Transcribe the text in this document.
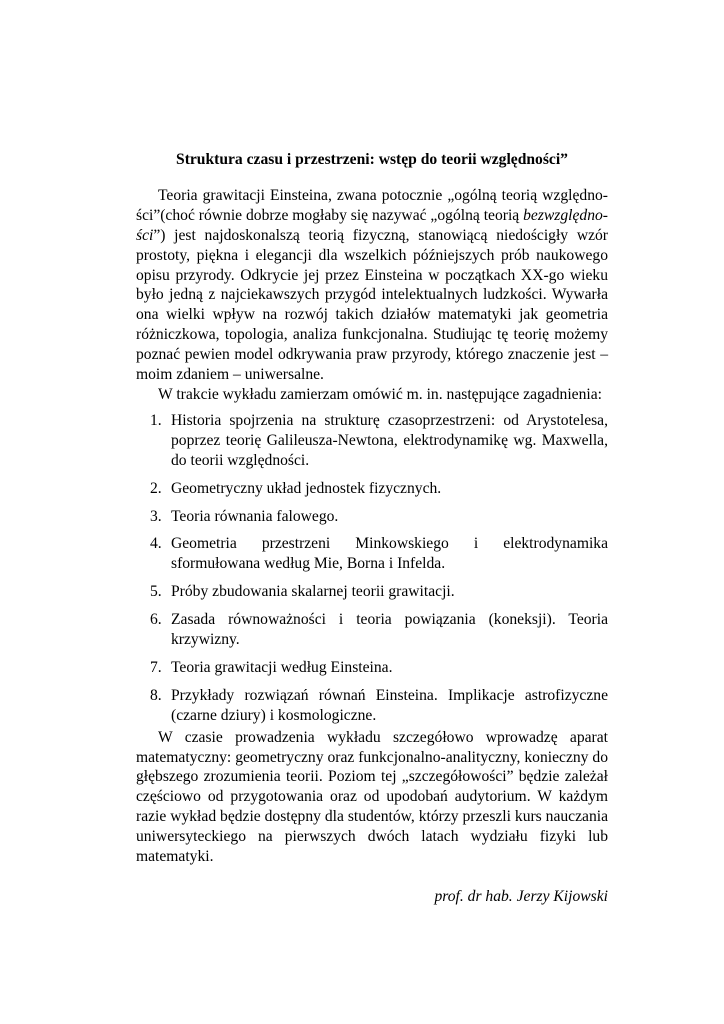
Struktura czasu i przestrzeni: wstęp do teorii względności”

Teoria grawitacji Einsteina, zwana potocznie „ogólną teorią względno-ści”(choć równie dobrze mogłaby się nazywać „ogólną teorią bezwzględno-ści”) jest najdoskonalszą teorią fizyczną, stanowiącą niedościgły wzór prostoty, piękna i elegancji dla wszelkich późniejszych prób naukowego opisu przyrody. Odkrycie jej przez Einsteina w początkach XX-go wieku było jedną z najciekawszych przygód intelektualnych ludzkości. Wywarła ona wielki wpływ na rozwój takich działów matematyki jak geometria różniczkowa, topologia, analiza funkcjonalna. Studiując tę teorię możemy poznać pewien model odkrywania praw przyrody, którego znaczenie jest – moim zdaniem – uniwersalne.

W trakcie wykładu zamierzam omówić m. in. następujące zagadnienia:

1. Historia spojrzenia na strukturę czasoprzestrzeni: od Arystotelesa, poprzez teorię Galileusza-Newtona, elektrodynamikę wg. Maxwella, do teorii względności.
2. Geometryczny układ jednostek fizycznych.
3. Teoria równania falowego.
4. Geometria przestrzeni Minkowskiego i elektrodynamika sformułowana według Mie, Borna i Infelda.
5. Próby zbudowania skalarnej teorii grawitacji.
6. Zasada równoważności i teoria powiązania (koneksji). Teoria krzywizny.
7. Teoria grawitacji według Einsteina.
8. Przykłady rozwiązań równań Einsteina. Implikacje astrofizyczne (czarne dziury) i kosmologiczne.

W czasie prowadzenia wykładu szczegółowo wprowadzę aparat matematyczny: geometryczny oraz funkcjonalno-analityczny, konieczny do głębszego zrozumienia teorii. Poziom tej „szczegółowości” będzie zależał częściowo od przygotowania oraz od upodobań audytorium. W każdym razie wykład będzie dostępny dla studentów, którzy przeszli kurs nauczania uniwersyteckiego na pierwszych dwóch latach wydziału fizyki lub matematyki.

prof. dr hab. Jerzy Kijowski
